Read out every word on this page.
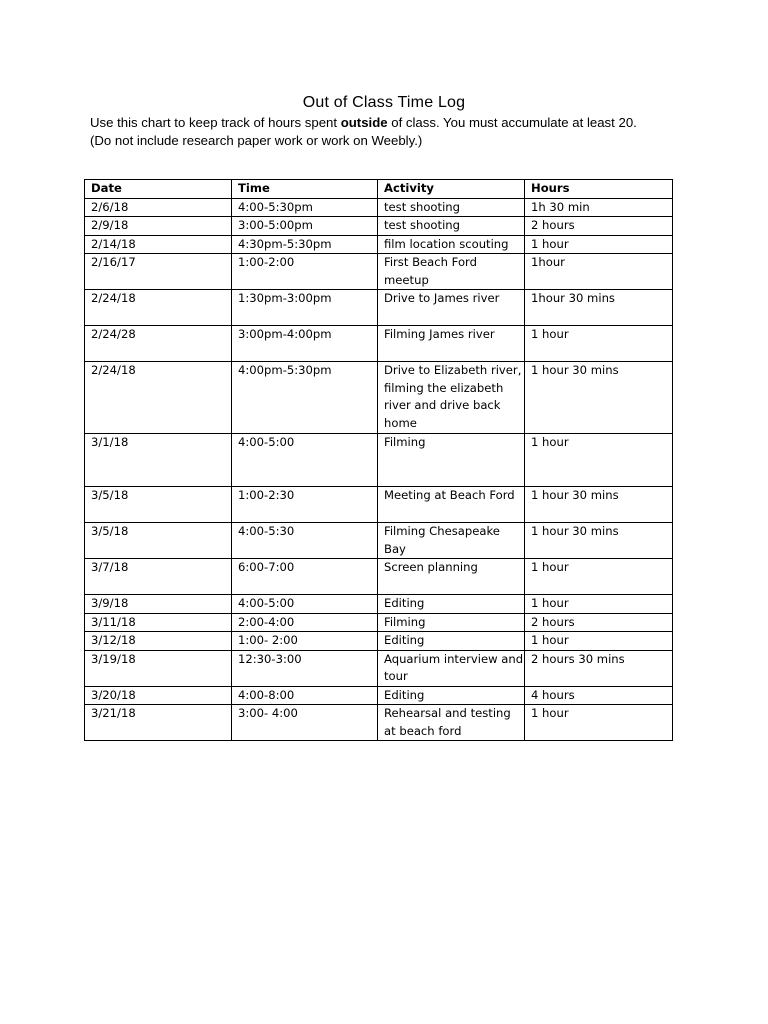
Out of Class Time Log
Use this chart to keep track of hours spent outside of class. You must accumulate at least 20.
(Do not include research paper work or work on Weebly.)
Date	Time	Activity	Hours
2/6/18	4:00-5:30pm	test shooting	1h 30 min
2/9/18	3:00-5:00pm	test shooting	2 hours
2/14/18	4:30pm-5:30pm	film location scouting	1 hour
2/16/17	1:00-2:00	First Beach Ford meetup	1hour
2/24/18	1:30pm-3:00pm	Drive to James river	1hour 30 mins
2/24/28	3:00pm-4:00pm	Filming James river	1 hour
2/24/18	4:00pm-5:30pm	Drive to Elizabeth river, filming the elizabeth river and drive back home	1 hour 30 mins
3/1/18	4:00-5:00	Filming	1 hour
3/5/18	1:00-2:30	Meeting at Beach Ford	1 hour 30 mins
3/5/18	4:00-5:30	Filming Chesapeake Bay	1 hour 30 mins
3/7/18	6:00-7:00	Screen planning	1 hour
3/9/18	4:00-5:00	Editing	1 hour
3/11/18	2:00-4:00	Filming	2 hours
3/12/18	1:00- 2:00	Editing	1 hour
3/19/18	12:30-3:00	Aquarium interview and tour	2 hours 30 mins
3/20/18	4:00-8:00	Editing	4 hours
3/21/18	3:00- 4:00	Rehearsal and testing at beach ford	1 hour
